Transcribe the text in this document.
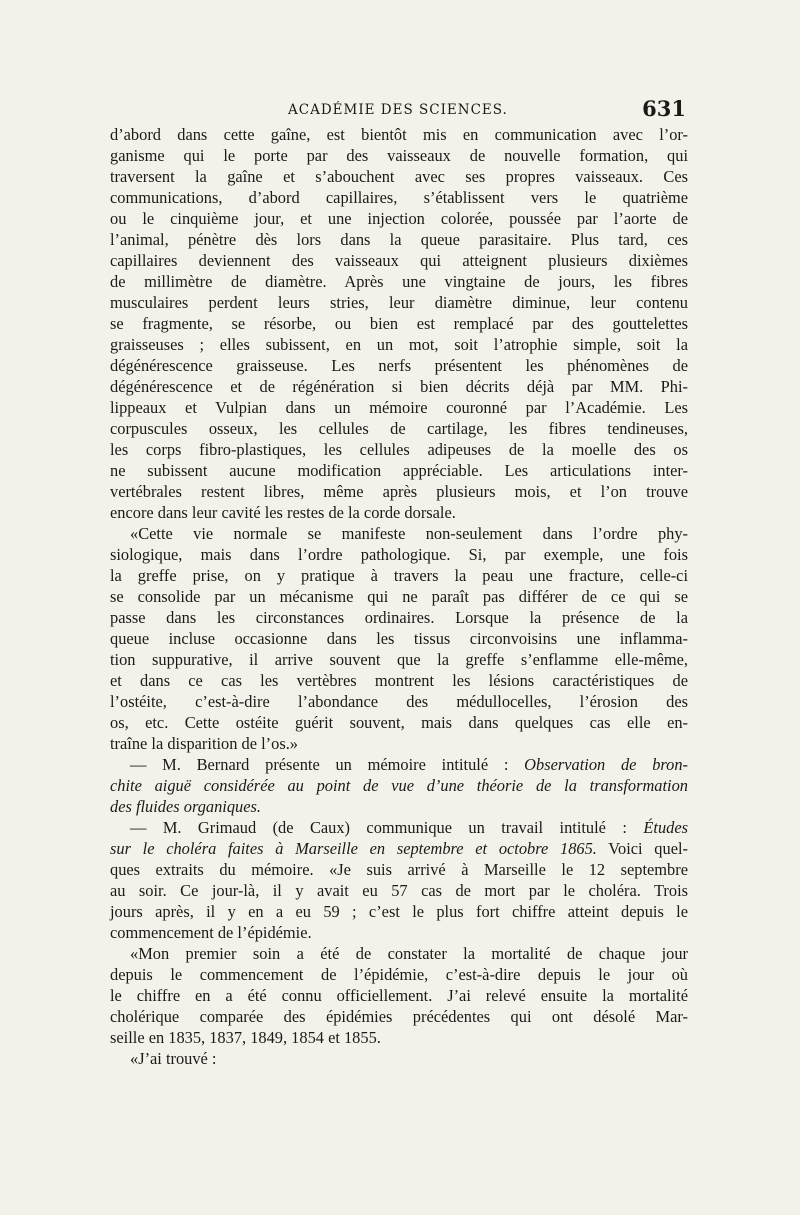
ACADÉMIE DES SCIENCES.	631
d’abord dans cette gaîne, est bientôt mis en communication avec l’or-
ganisme qui le porte par des vaisseaux de nouvelle formation, qui
traversent la gaîne et s’abouchent avec ses propres vaisseaux. Ces
communications, d’abord capillaires, s’établissent vers le quatrième
ou le cinquième jour, et une injection colorée, poussée par l’aorte de
l’animal, pénètre dès lors dans la queue parasitaire. Plus tard, ces
capillaires deviennent des vaisseaux qui atteignent plusieurs dixièmes
de millimètre de diamètre. Après une vingtaine de jours, les fibres
musculaires perdent leurs stries, leur diamètre diminue, leur contenu
se fragmente, se résorbe, ou bien est remplacé par des gouttelettes
graisseuses ; elles subissent, en un mot, soit l’atrophie simple, soit la
dégénérescence graisseuse. Les nerfs présentent les phénomènes de
dégénérescence et de régénération si bien décrits déjà par MM. Phi-
lippeaux et Vulpian dans un mémoire couronné par l’Académie. Les
corpuscules osseux, les cellules de cartilage, les fibres tendineuses,
les corps fibro-plastiques, les cellules adipeuses de la moelle des os
ne subissent aucune modification appréciable. Les articulations inter-
vertébrales restent libres, même après plusieurs mois, et l’on trouve
encore dans leur cavité les restes de la corde dorsale.
«Cette vie normale se manifeste non-seulement dans l’ordre phy-
siologique, mais dans l’ordre pathologique. Si, par exemple, une fois
la greffe prise, on y pratique à travers la peau une fracture, celle-ci
se consolide par un mécanisme qui ne paraît pas différer de ce qui se
passe dans les circonstances ordinaires. Lorsque la présence de la
queue incluse occasionne dans les tissus circonvoisins une inflamma-
tion suppurative, il arrive souvent que la greffe s’enflamme elle-même,
et dans ce cas les vertèbres montrent les lésions caractéristiques de
l’ostéite, c’est-à-dire l’abondance des médullocelles, l’érosion des
os, etc. Cette ostéite guérit souvent, mais dans quelques cas elle en-
traîne la disparition de l’os.»
— M. Bernard présente un mémoire intitulé : Observation de bron-
chite aiguë considérée au point de vue d’une théorie de la transformation
des fluides organiques.
— M. Grimaud (de Caux) communique un travail intitulé : Études
sur le choléra faites à Marseille en septembre et octobre 1865. Voici quel-
ques extraits du mémoire. «Je suis arrivé à Marseille le 12 septembre
au soir. Ce jour-là, il y avait eu 57 cas de mort par le choléra. Trois
jours après, il y en a eu 59 ; c’est le plus fort chiffre atteint depuis le
commencement de l’épidémie.
«Mon premier soin a été de constater la mortalité de chaque jour
depuis le commencement de l’épidémie, c’est-à-dire depuis le jour où
le chiffre en a été connu officiellement. J’ai relevé ensuite la mortalité
cholérique comparée des épidémies précédentes qui ont désolé Mar-
seille en 1835, 1837, 1849, 1854 et 1855.
«J’ai trouvé :
